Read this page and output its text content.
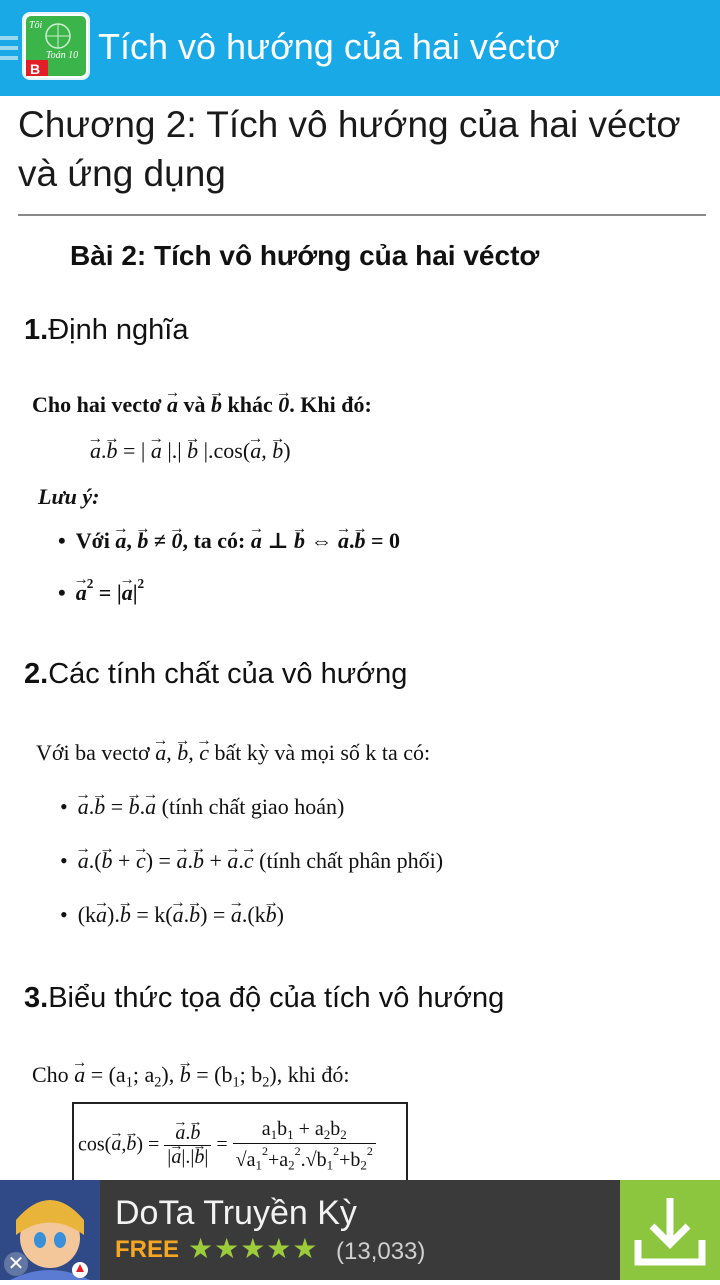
Tôi
Toán 10
B
Tích vô hướng của hai véctơ
Chương 2: Tích vô hướng của hai véctơ và ứng dụng
Bài 2: Tích vô hướng của hai véctơ
1.Định nghĩa
Cho hai vectơ → a và → b khác → 0. Khi đó:
→ a.→ b = | → a |.| → b |.cos(→ a, → b)
Lưu ý:
• Với → a, → b ≠ → 0, ta có: → a ⊥ → b ⇔ → a.→ b = 0
• → $a^2$ = |→ $a|^2$
2.Các tính chất của vô hướng
Với ba vectơ → a, → b, → c bất kỳ và mọi số k ta có:
• → a.→ b = → b.→ a (tính chất giao hoán)
• → a.(→ b + → c) = → a.→ b + → a.→ c (tính chất phân phối)
• (k→ a).→ b = k(→ a.→ b) = → a.(k→ b)
3.Biểu thức tọa độ của tích vô hướng
Cho → $a = (a_1$; $a_2$), → $b = (b_1$; $b_2$), khi đó:
cos(→ a,→ b) = → $\frac{a.\to b}{|\to a|.|\to b|} = \frac{a_1b_1 + a_2b_2}{√a_1^2+a_2^2.√b_1^2+b_2^2}$
✕
DoTa Truyền Kỳ
FREE ★★★★★ (13,033)
